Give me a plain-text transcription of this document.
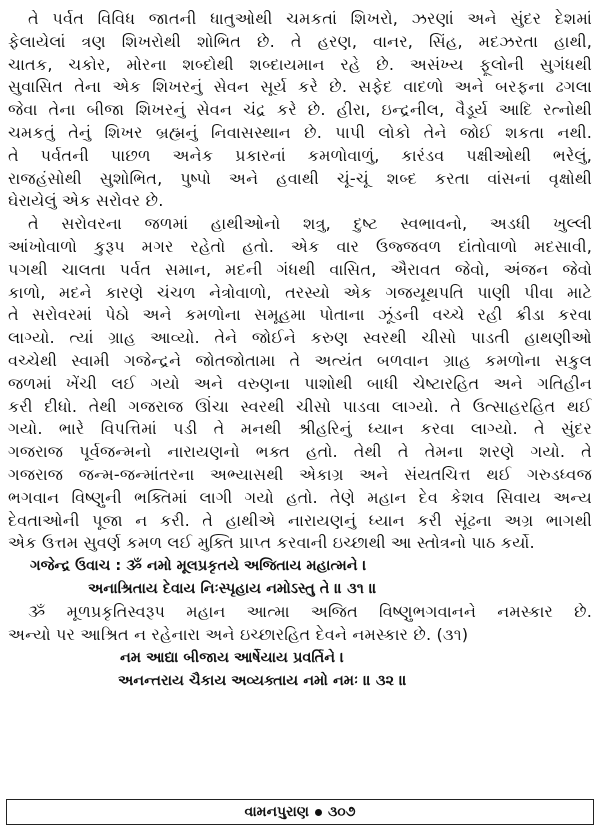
તે પર્વત વિવિધ જાતની ધાતુઓથી ચમકતાં શિખરો, ઝરણાં અને સુંદર દેશમાં
ફેલાયેલાં ત્રણ શિખરોથી શોભિત છે. તે હરણ, વાનર, સિંહ, મદઝરતા હાથી,
ચાતક, ચકોર, મોરના શબ્દોથી શબ્દાયમાન રહે છે. અસંખ્ય ફૂલોની સુગંધથી
સુવાસિત તેના એક શિખરનું સેવન સૂર્ય કરે છે. સફેદ વાદળો અને બરફના ઢગલા
જેવા તેના બીજા શિખરનું સેવન ચંદ્ર કરે છે. હીરા, ઇન્દ્રનીલ, વૈડૂર્ય આદિ રત્નોથી
ચમકતું તેનું શિખર બ્રહ્મનું નિવાસસ્થાન છે. પાપી લોકો તેને જોઈ શકતા નથી.
તે પર્વતની પાછળ અનેક પ્રકારનાં કમળોવાળું, કારંડવ પક્ષીઓથી ભરેલું,
રાજહંસોથી સુશોભિત, પુષ્પો અને હવાથી ચૂં-ચૂં શબ્દ કરતા વાંસનાં વૃક્ષોથી
ઘેરાયેલું એક સરોવર છે.
તે સરોવરના જળમાં હાથીઓનો શત્રુ, દુષ્ટ સ્વભાવનો, અડધી ખુલ્લી
આંખોવાળો કુરૂપ મગર રહેતો હતો. એક વાર ઉજ્જવળ દાંતોવાળો મદસાવી,
પગથી ચાલતા પર્વત સમાન, મદની ગંધથી વાસિત, ઐરાવત જેવો, અંજન જેવો
કાળો, મદને કારણે ચંચળ નેત્રોવાળો, તરસ્યો એક ગજયૂથપતિ પાણી પીવા માટે
તે સરોવરમાં પેઠો અને કમળોના સમૂહમા પોતાના ઝૂંડની વચ્ચે રહી ક્રીડા કરવા
લાગ્યો. ત્યાં ગ્રાહ આવ્યો. તેને જોઈને કરુણ સ્વરથી ચીસો પાડતી હાથણીઓ
વચ્ચેથી સ્વામી ગજેન્દ્રને જોતજોતામા તે અત્યંત બળવાન ગ્રાહ કમળોના સકુલ
જળમાં ખેંચી લઈ ગયો અને વરુણના પાશોથી બાધી ચેષ્ટારહિત અને ગતિહીન
કરી દીધો. તેથી ગજરાજ ઊંચા સ્વરથી ચીસો પાડવા લાગ્યો. તે ઉત્સાહરહિત થઈ
ગયો. ભારે વિપત્તિમાં પડી તે મનથી શ્રીહરિનું ધ્યાન કરવા લાગ્યો. તે સુંદર
ગજરાજ પૂર્વજન્મનો નારાયણનો ભક્ત હતો. તેથી તે તેમના શરણે ગયો. તે
ગજરાજ જન્મ-જન્માંતરના અભ્યાસથી એકાગ્ર અને સંયતચિત્ત થઈ ગરુડધ્વજ
ભગવાન વિષ્ણુની ભક્તિમાં લાગી ગયો હતો. તેણે મહાન દેવ કેશવ સિવાય અન્ય
દેવતાઓની પૂજા ન કરી. તે હાથીએ નારાયણનું ધ્યાન કરી સૂંઢના અગ્ર ભાગથી
એક ઉત્તમ સુવર્ણ કમળ લઈ મુક્તિ પ્રાપ્ત કરવાની ઇચ્છાથી આ સ્તોત્રનો પાઠ કર્યો.
ગજેન્દ્ર ઉવાચ : ૐ નમો મૂલપ્રકૃતયે અજિતાય મહાત્મને ।
અનાશ્રિતાય દેવાય નિઃસ્પૃહાય નમોઽસ્તુ તે ॥ ૩૧ ॥
ૐ મૂળપ્રકૃતિસ્વરૂપ મહાન આત્મા અજિત વિષ્ણુભગવાનને નમસ્કાર છે.
અન્યો પર આશ્રિત ન રહેનારા અને ઇચ્છારહિત દેવને નમસ્કાર છે. (૩૧)
નમ આદ્યા બીજાય આર્ષેયાય પ્રવર્તિને ।
અનન્તરાય ચૈકાય અવ્યક્તાય નમો નમઃ ॥ ૩૨ ॥
વામનપુરાણ ૩૦૭
